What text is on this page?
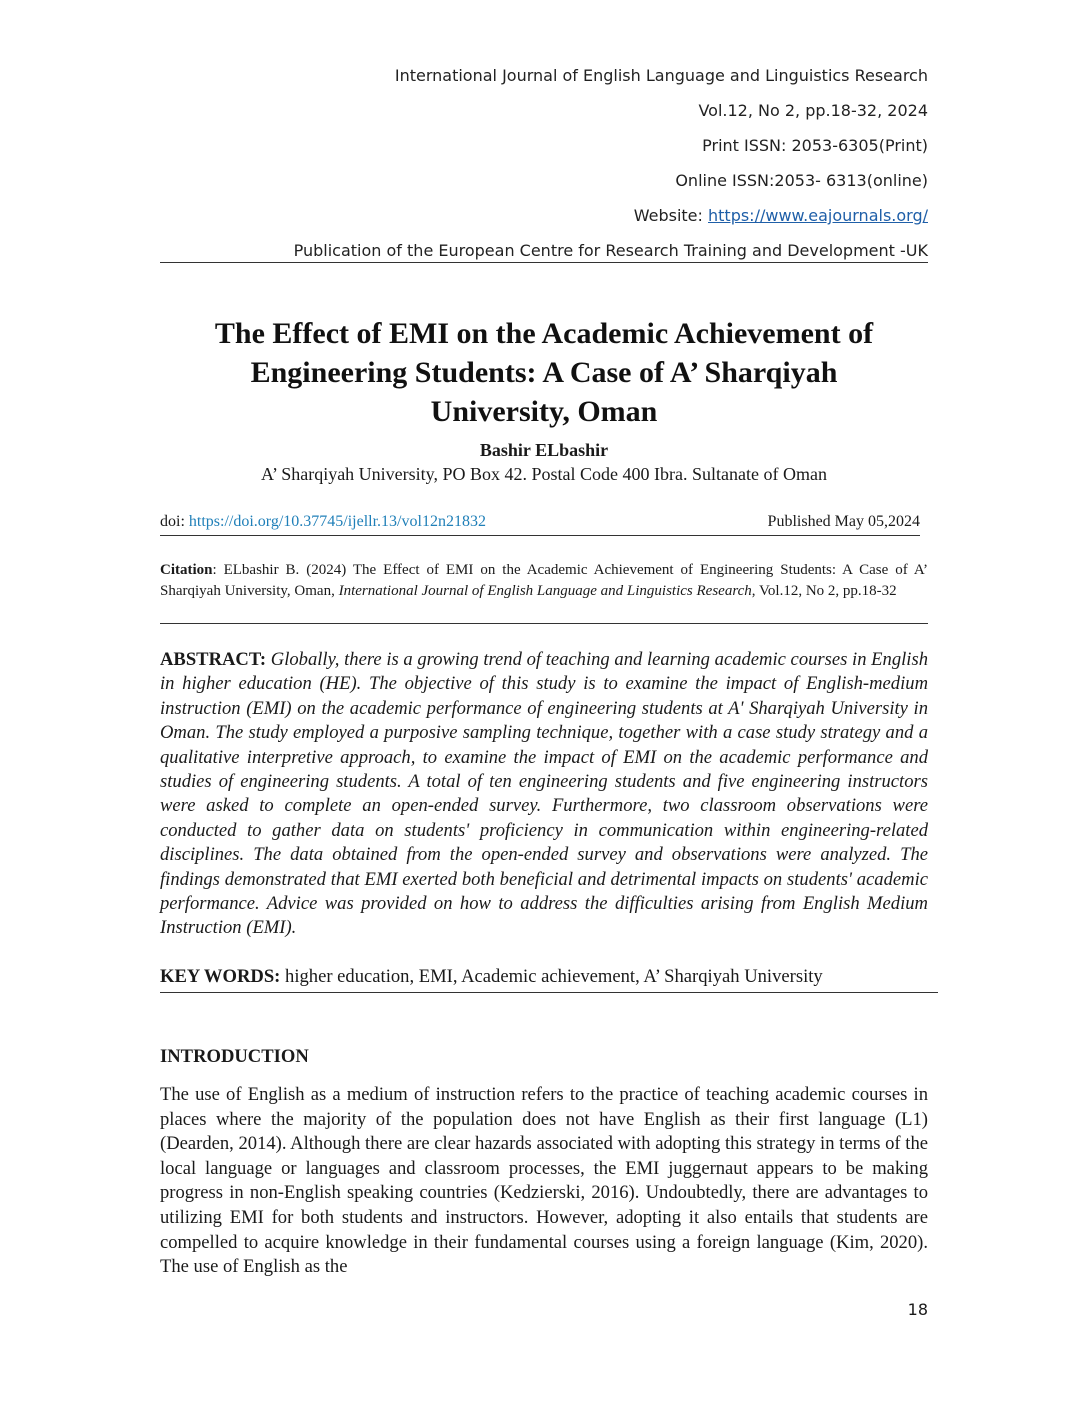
International Journal of English Language and Linguistics Research
Vol.12, No 2, pp.18-32, 2024
Print ISSN: 2053-6305(Print)
Online ISSN:2053- 6313(online)
Website: https://www.eajournals.org/
Publication of the European Centre for Research Training and Development -UK
The Effect of EMI on the Academic Achievement of
Engineering Students: A Case of A’ Sharqiyah
University, Oman
Bashir ELbashir
A’ Sharqiyah University, PO Box 42. Postal Code 400 Ibra. Sultanate of Oman
doi: https://doi.org/10.37745/ijellr.13/vol12n21832	Published May 05,2024
Citation: ELbashir B. (2024) The Effect of EMI on the Academic Achievement of Engineering Students: A Case of A’ Sharqiyah University, Oman, International Journal of English Language and Linguistics Research, Vol.12, No 2, pp.18-32
ABSTRACT: Globally, there is a growing trend of teaching and learning academic courses in English in higher education (HE). The objective of this study is to examine the impact of English-medium instruction (EMI) on the academic performance of engineering students at A' Sharqiyah University in Oman. The study employed a purposive sampling technique, together with a case study strategy and a qualitative interpretive approach, to examine the impact of EMI on the academic performance and studies of engineering students. A total of ten engineering students and five engineering instructors were asked to complete an open-ended survey. Furthermore, two classroom observations were conducted to gather data on students' proficiency in communication within engineering-related disciplines. The data obtained from the open-ended survey and observations were analyzed. The findings demonstrated that EMI exerted both beneficial and detrimental impacts on students' academic performance. Advice was provided on how to address the difficulties arising from English Medium Instruction (EMI).
KEY WORDS: higher education, EMI, Academic achievement, A’ Sharqiyah University
INTRODUCTION
The use of English as a medium of instruction refers to the practice of teaching academic courses in places where the majority of the population does not have English as their first language (L1) (Dearden, 2014). Although there are clear hazards associated with adopting this strategy in terms of the local language or languages and classroom processes, the EMI juggernaut appears to be making progress in non-English speaking countries (Kedzierski, 2016). Undoubtedly, there are advantages to utilizing EMI for both students and instructors. However, adopting it also entails that students are compelled to acquire knowledge in their fundamental courses using a foreign language (Kim, 2020). The use of English as the
18
